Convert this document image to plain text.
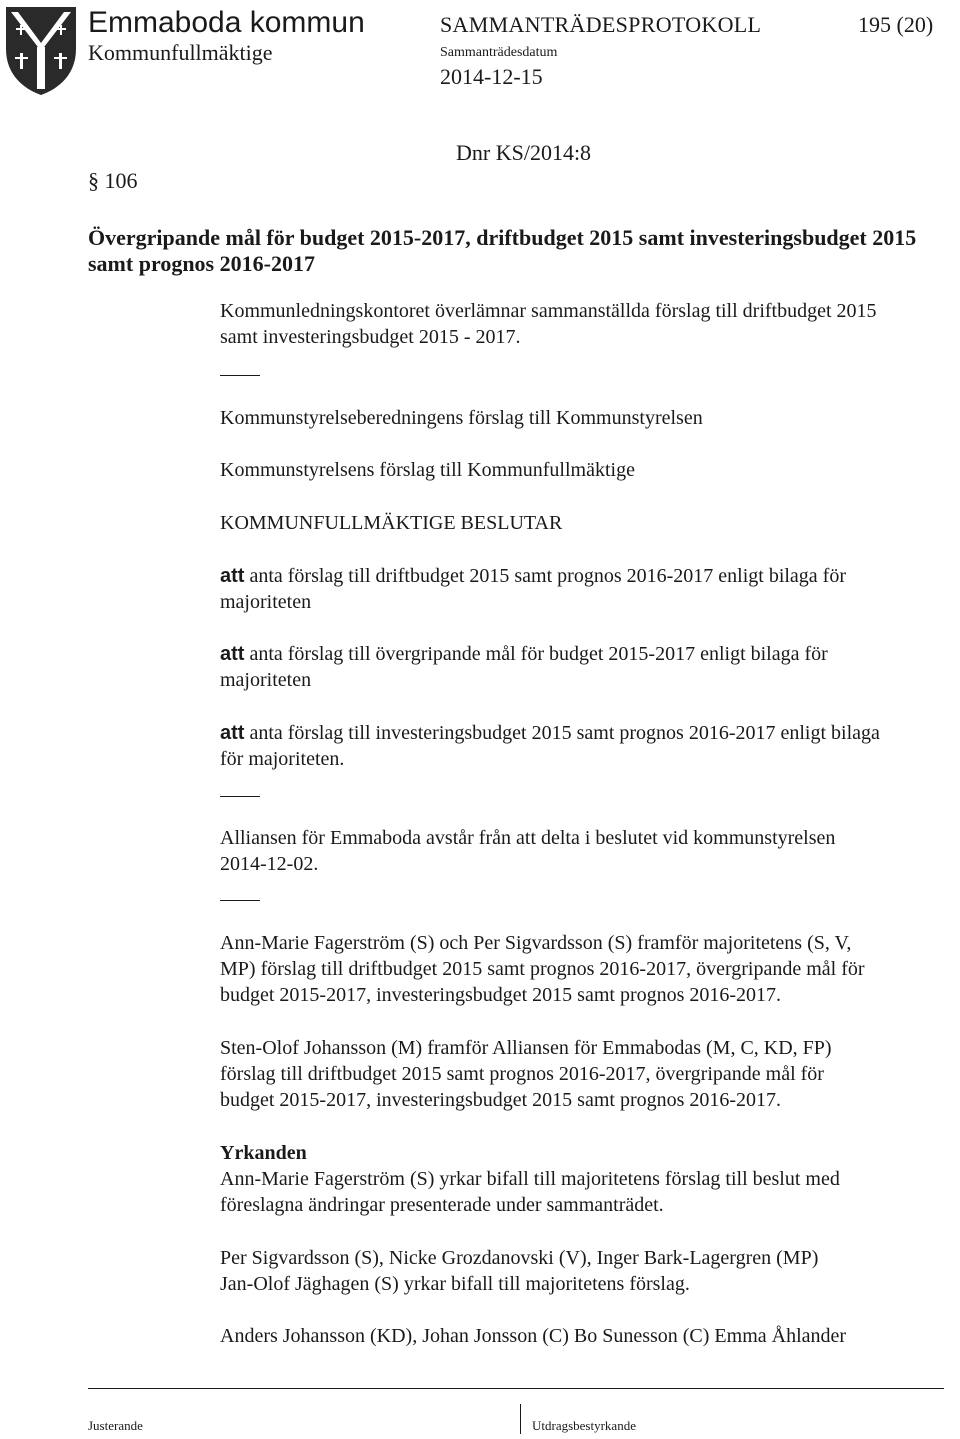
Emmaboda kommun
Kommunfullmäktige
SAMMANTRÄDESPROTOKOLL	195 (20)
Sammanträdesdatum
2014-12-15
Dnr KS/2014:8
§ 106
Övergripande mål för budget 2015-2017, driftbudget 2015 samt investeringsbudget 2015 samt prognos 2016-2017
Kommunledningskontoret överlämnar sammanställda förslag till driftbudget 2015
samt investeringsbudget 2015 - 2017.
Kommunstyrelseberedningens förslag till Kommunstyrelsen
Kommunstyrelsens förslag till Kommunfullmäktige
KOMMUNFULLMÄKTIGE BESLUTAR
att anta förslag till driftbudget 2015 samt prognos 2016-2017 enligt bilaga för
majoriteten
att anta förslag till övergripande mål för budget 2015-2017 enligt bilaga för
majoriteten
att anta förslag till investeringsbudget 2015 samt prognos 2016-2017 enligt bilaga
för majoriteten.
Alliansen för Emmaboda avstår från att delta i beslutet vid kommunstyrelsen
2014-12-02.
Ann-Marie Fagerström (S) och Per Sigvardsson (S) framför majoritetens (S, V,
MP) förslag till driftbudget 2015 samt prognos 2016-2017, övergripande mål för
budget 2015-2017, investeringsbudget 2015 samt prognos 2016-2017.
Sten-Olof Johansson (M) framför Alliansen för Emmabodas (M, C, KD, FP)
förslag till driftbudget 2015 samt prognos 2016-2017, övergripande mål för
budget 2015-2017, investeringsbudget 2015 samt prognos 2016-2017.
Yrkanden
Ann-Marie Fagerström (S) yrkar bifall till majoritetens förslag till beslut med
föreslagna ändringar presenterade under sammanträdet.
Per Sigvardsson (S), Nicke Grozdanovski (V), Inger Bark-Lagergren (MP)
Jan-Olof Jäghagen (S) yrkar bifall till majoritetens förslag.
Anders Johansson (KD), Johan Jonsson (C) Bo Sunesson (C) Emma Åhlander
Justerande	Utdragsbestyrkande
